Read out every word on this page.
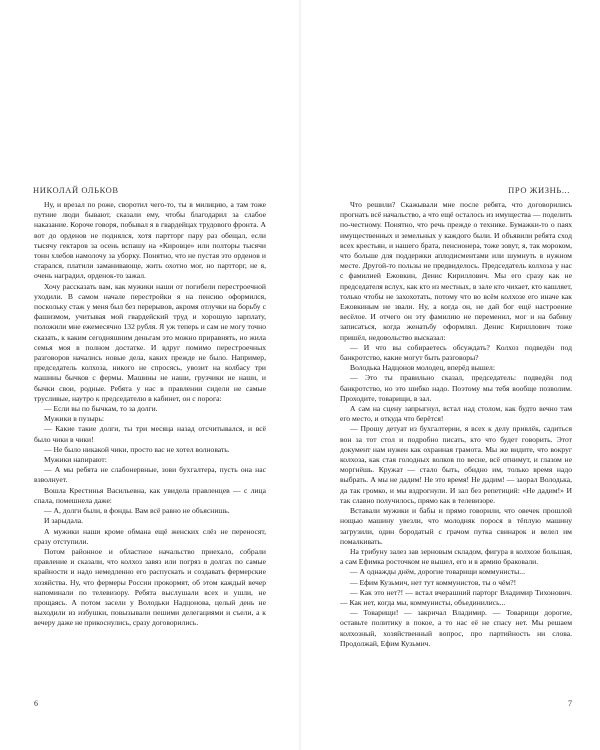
НИКОЛАЙ ОЛЬКОВ

Ну, и врезал по роже, своротил чего-то, ты в милицию, а там тоже путние люди бывают, сказали ему, чтобы благодарил за слабое наказание. Короче говоря, побывал я в гвардейцах трудового фронта. А вот до орденов не поднялся, хотя партторг пару раз обещал, если тысячу гектаров за осень вспашу на «Кировце» или полторы тысячи тонн хлебов намолочу за уборку. Понятно, что не пустая это орденов и старался, платили заманивающе, жить охотно мог, но партторг, не я, очень наградил, орденок-то зажал.

Хочу рассказать вам, как мужики наши от погибели перестроечной уходили. В самом начале перестройки я на пенсию оформился, поскольку стаж у меня был без перерывов, акромя отлучки на борьбу с фашизмом, учитывая мой гвардейский труд и хорошую зарплату, положили мне ежемесячно 132 рубля. Я уж теперь и сам не могу точно сказать, к каким сегодняшним деньгам это можно приравнять, но жила семья моя в полном достатке. И вдруг помимо перестроечных разговоров начались новые дела, каких прежде не было. Например, председатель колхоза, никого не спросясь, увозит на колбасу три машины бычков с фермы. Машины не наши, грузчики не наши, и бычки свои, родные. Ребята у нас в правлении сидели не самые трусливые, наутро к председателю в кабинет, он с порога:

— Если вы по бычкам, то за долги.

Мужики в пузырь:

— Какие такие долги, ты три месяца назад отсчитывался, и всё было чики в чики!

— Не было никакой чики, просто вас не хотел волновать.

Мужики напирают:

— А мы ребята не слабонервные, зови бухгалтера, пусть она нас взволнует.

Вошла Крестинья Васильевна, как увидела правленцев — с лица спала, помешнела даже:

— А, долги были, в фонды. Вам всё равно не объяснишь.

И зарыдала.

А мужики наши кроме обмана ещё женских слёз не переносят, сразу отступили.

Потом районное и областное начальство приехало, собрали правление и сказали, что колхоз завяз или погряз в долгах по самые крайности и надо немедленно его распускать и создавать фермерские хозяйства. Ну, что фермеры России прокормят, об этом каждый вечер напоминали по телевизору. Ребята выслушали всех и ушли, не прощаясь. А потом засели у Володьки Надцонова, целый день не выходили из избушки, повызывали пешими делегациями и съели, а к вечеру даже не прикоснулись, сразу договорились.

6
ПРО ЖИЗНЬ...

Что решили? Скажывали мне после ребята, что договорились прогнать всё начальство, а что ещё осталось из имущества — поделить по-честному. Понятно, что речь прежде о технике. Бумажки-то о паях имущественных и земельных у каждого были. И объявили ребята сход всех крестьян, и нашего брата, пенсионера, тоже зовут, я, так мороком, что больше для поддержки аплодисментами или шумнуть в нужном месте. Другой-то пользы не предвиделось. Председатель колхоза у нас с фамилией Ежовкин, Денис Кириллович. Мы его сразу как не председателя вслух, как кто из местных, в зале кто чихает, кто кашляет, только чтобы не захохотать, потому что во всём колхозе его иначе как Ежовкиным не звали. Ну, а когда он, не дай бог ещё настроение весёлое. И отчего он эту фамилию не переменил, мог и на бабину записаться, когда женатьбу оформлял. Денис Кириллович тоже пришёл, недовольство высказал:

— И что вы собираетесь обсуждать? Колхоз подведён под банкротство, какие могут быть разговоры?

Володька Надцонов молодец, вперёд вышел:

— Это ты правильно сказал, председатель: подведён под банкротство, но это шибко надо. Поэтому мы тебя вообще позволим. Проходите, товарищи, в зал.

А сам на сцену запрыгнул, встал над столом, как будто вечно там его место, и откуда что берётся!

— Прошу детуат из бухгалтерии, я всех к делу привлёк, садиться вон за тот стол и подробно писать, кто что будет говорить. Этот документ нам нужен как охранная грамота. Мы же видите, что вокруг колхоза, как стая голодных волков по весне, всё отнимут, и глазом не моргнёшь. Кружат — стало быть, обидно им, только время надо выбрать. А мы не дадим! Не это время! Не дадим! — заорал Володька, да так громко, и мы вздрогнули. И зал без репетиций: «Не дадим!» И так славно получилось, прямо как в телевизоре.

Вставали мужики и бабы и прямо говорили, что овечек прошлой нощью машину увезли, что молодняк порося в тёплую машину загрузили, один бородатый с грачом путка свинарок и велел им помалкивать.

На трибуну залез зав зерновым складом, фигура в колхозе большая, а сам Ефимка росточком не вышел, его и в армию браковали.

— А однажды днём, дорогие товарищи коммунисты...

— Ефим Кузьмич, нет тут коммунистов, ты о чём?!

— Как это нет?! — встал вчерашний парторг Владимир Тихонович. — Как нет, когда мы, коммунисты, объединились...

— Товарищи! — закричал Владимир. — Товарищи дорогие, оставьте политику в покое, а то нас её не спасу нет. Мы решаем колхозный, хозяйственный вопрос, про партийность ни слова. Продолжай, Ефим Кузьмич.

7
